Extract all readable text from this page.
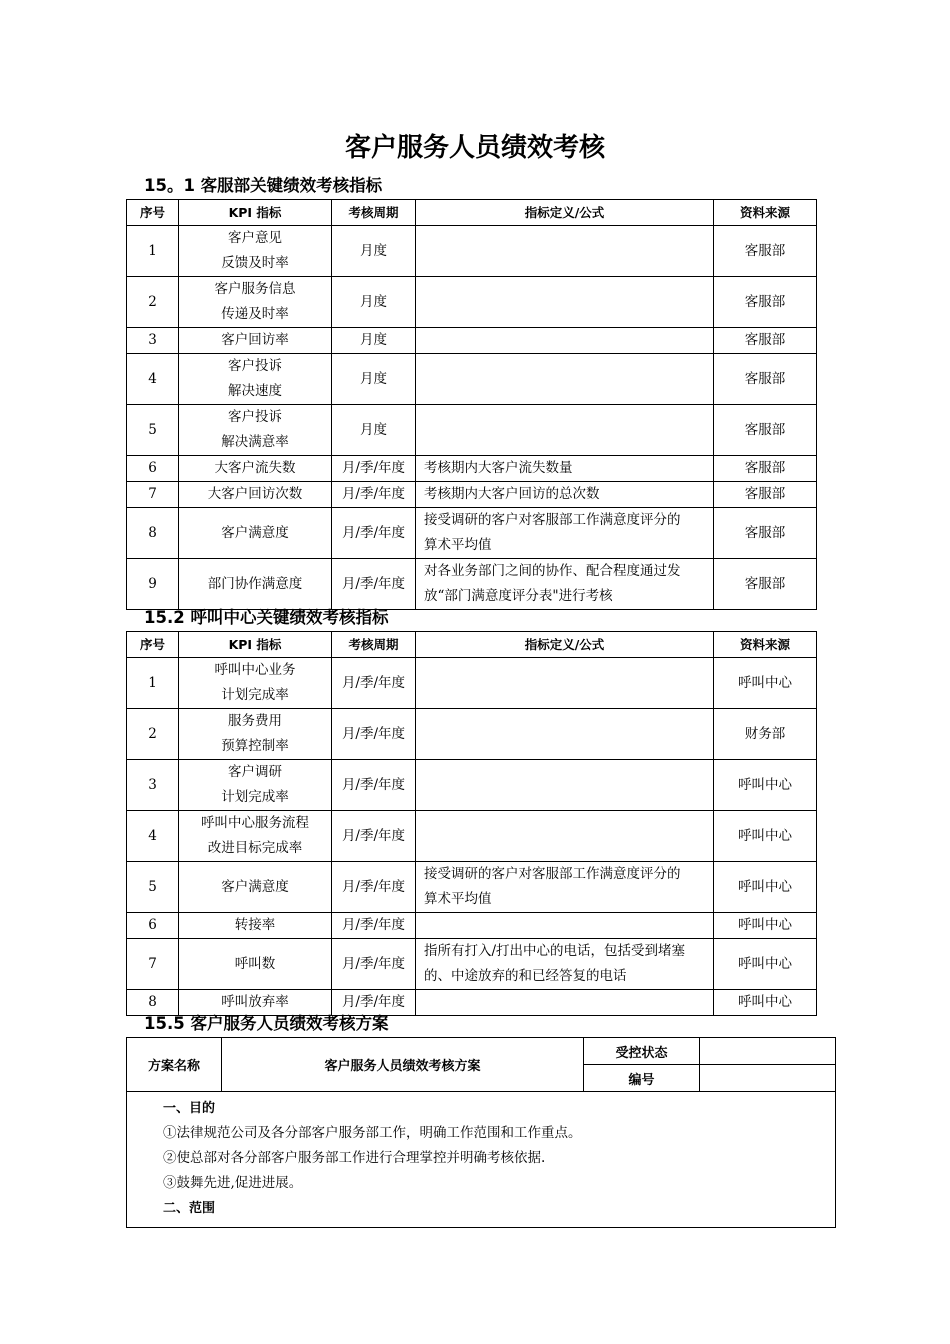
客户服务人员绩效考核
15。1 客服部关键绩效考核指标
序号	KPI 指标	考核周期	指标定义/公式	资料来源
1	客户意见
反馈及时率	月度		客服部
2	客户服务信息
传递及时率	月度		客服部
3	客户回访率	月度		客服部
4	客户投诉
解决速度	月度		客服部
5	客户投诉
解决满意率	月度		客服部
6	大客户流失数	月/季/年度	考核期内大客户流失数量	客服部
7	大客户回访次数	月/季/年度	考核期内大客户回访的总次数	客服部
8	客户满意度	月/季/年度	接受调研的客户对客服部工作满意度评分的
算术平均值	客服部
9	部门协作满意度	月/季/年度	对各业务部门之间的协作、配合程度通过发
放“部门满意度评分表"进行考核	客服部
15.2 呼叫中心关键绩效考核指标
序号	KPI 指标	考核周期	指标定义/公式	资料来源
1	呼叫中心业务
计划完成率	月/季/年度		呼叫中心
2	服务费用
预算控制率	月/季/年度		财务部
3	客户调研
计划完成率	月/季/年度		呼叫中心
4	呼叫中心服务流程
改进目标完成率	月/季/年度		呼叫中心
5	客户满意度	月/季/年度	接受调研的客户对客服部工作满意度评分的
算术平均值	呼叫中心
6	转接率	月/季/年度		呼叫中心
7	呼叫数	月/季/年度	指所有打入/打出中心的电话，包括受到堵塞
的、中途放弃的和已经答复的电话	呼叫中心
8	呼叫放弃率	月/季/年度		呼叫中心
15.5 客户服务人员绩效考核方案
方案名称	客户服务人员绩效考核方案	受控状态	
		编号	

一、目的
①法律规范公司及各分部客户服务部工作，明确工作范围和工作重点。
②使总部对各分部客户服务部工作进行合理掌控并明确考核依据.
③鼓舞先进,促进进展。
二、范围			
